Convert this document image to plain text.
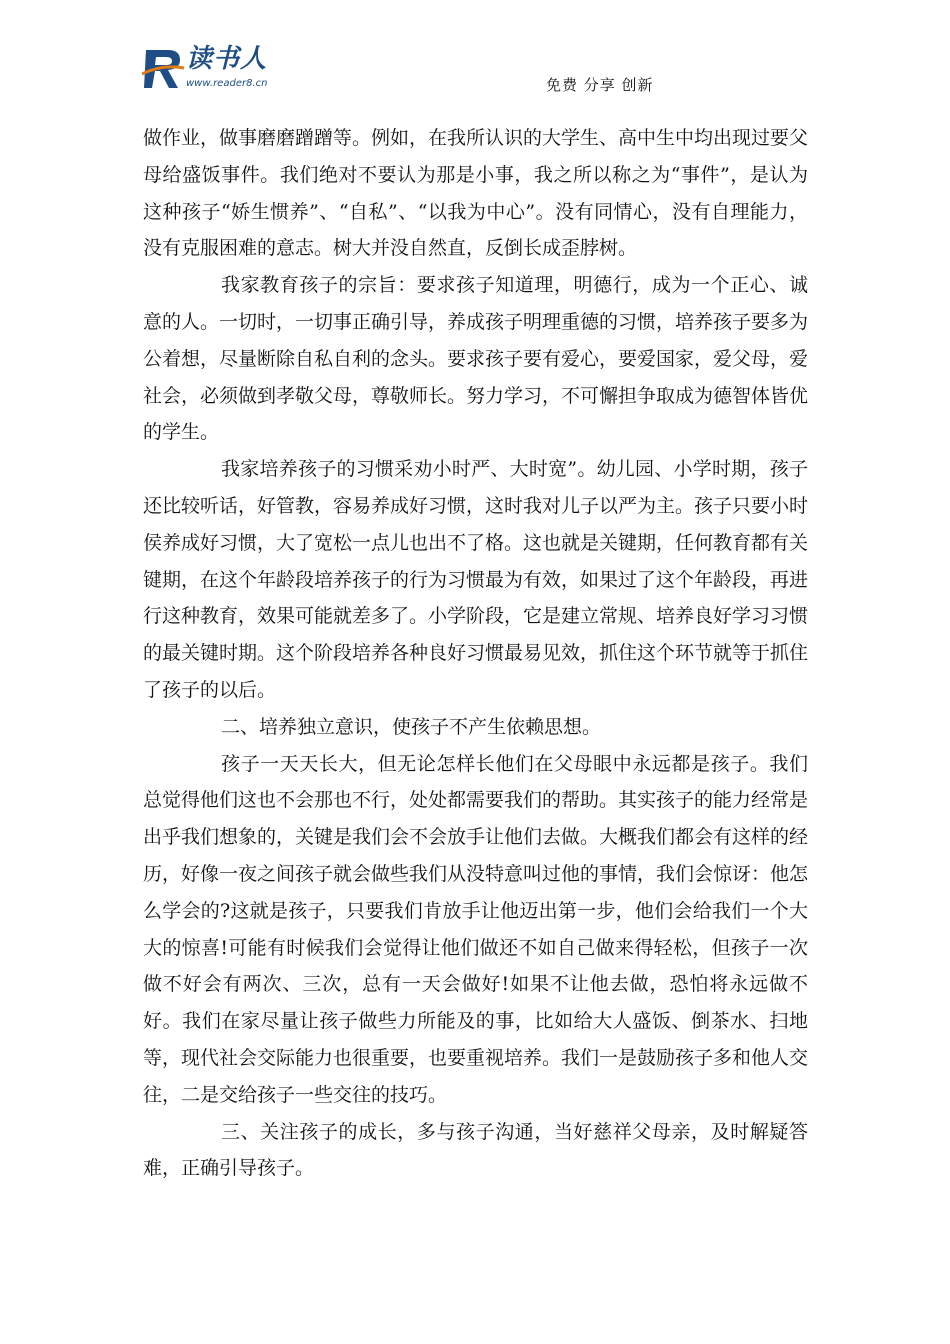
读书人
www.reader8.cn	免费 分享 创新

做作业，做事磨磨蹭蹭等。例如，在我所认识的大学生、高中生中均出现过要父母给盛饭事件。我们绝对不要认为那是小事，我之所以称之为“事件”，是认为这种孩子“娇生惯养”、“自私”、“以我为中心”。没有同情心，没有自理能力，没有克服困难的意志。树大并没自然直，反倒长成歪脖树。

我家教育孩子的宗旨：要求孩子知道理，明德行，成为一个正心、诚意的人。一切时，一切事正确引导，养成孩子明理重德的习惯，培养孩子要多为公着想，尽量断除自私自利的念头。要求孩子要有爱心，要爱国家，爱父母，爱社会，必须做到孝敬父母，尊敬师长。努力学习，不可懈担争取成为德智体皆优的学生。

我家培养孩子的习惯采劝小时严、大时宽”。幼儿园、小学时期，孩子还比较听话，好管教，容易养成好习惯，这时我对儿子以严为主。孩子只要小时侯养成好习惯，大了宽松一点儿也出不了格。这也就是关键期，任何教育都有关键期，在这个年龄段培养孩子的行为习惯最为有效，如果过了这个年龄段，再进行这种教育，效果可能就差多了。小学阶段，它是建立常规、培养良好学习习惯的最关键时期。这个阶段培养各种良好习惯最易见效，抓住这个环节就等于抓住了孩子的以后。

二、培养独立意识，使孩子不产生依赖思想。

孩子一天天长大，但无论怎样长他们在父母眼中永远都是孩子。我们总觉得他们这也不会那也不行，处处都需要我们的帮助。其实孩子的能力经常是出乎我们想象的，关键是我们会不会放手让他们去做。大概我们都会有这样的经历，好像一夜之间孩子就会做些我们从没特意叫过他的事情，我们会惊讶：他怎么学会的?这就是孩子，只要我们肯放手让他迈出第一步，他们会给我们一个大大的惊喜!可能有时候我们会觉得让他们做还不如自己做来得轻松，但孩子一次做不好会有两次、三次，总有一天会做好!如果不让他去做，恐怕将永远做不好。我们在家尽量让孩子做些力所能及的事，比如给大人盛饭、倒茶水、扫地等，现代社会交际能力也很重要，也要重视培养。我们一是鼓励孩子多和他人交往，二是交给孩子一些交往的技巧。

三、关注孩子的成长，多与孩子沟通，当好慈祥父母亲，及时解疑答难，正确引导孩子。
